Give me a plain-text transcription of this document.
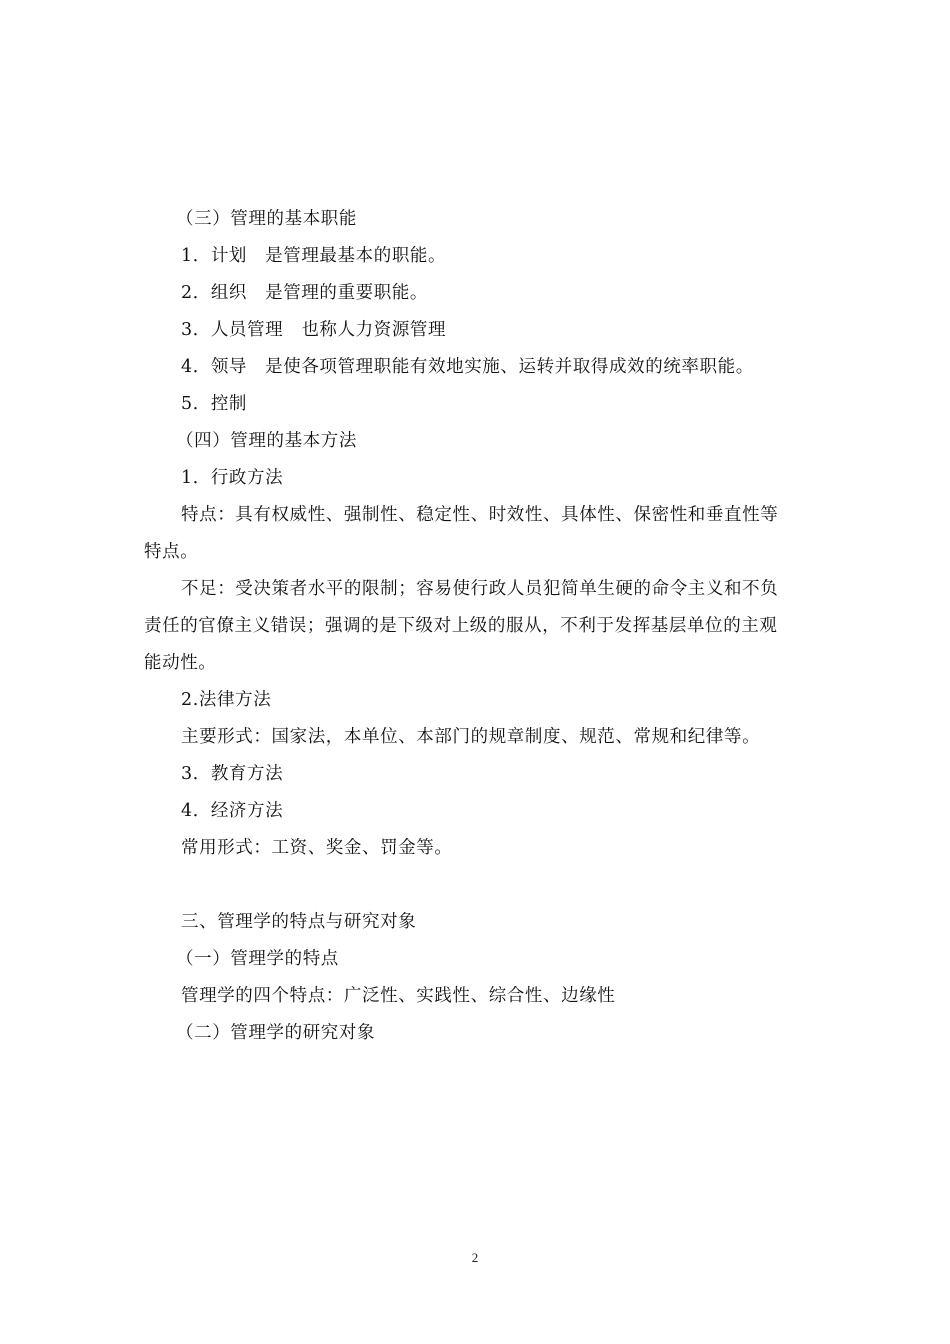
（三）管理的基本职能
1．计划　是管理最基本的职能。
2．组织　是管理的重要职能。
3．人员管理　也称人力资源管理
4．领导　是使各项管理职能有效地实施、运转并取得成效的统率职能。
5．控制
（四）管理的基本方法
1．行政方法
特点：具有权威性、强制性、稳定性、时效性、具体性、保密性和垂直性等
特点。
不足：受决策者水平的限制；容易使行政人员犯简单生硬的命令主义和不负
责任的官僚主义错误；强调的是下级对上级的服从，不利于发挥基层单位的主观
能动性。
2.法律方法
主要形式：国家法，本单位、本部门的规章制度、规范、常规和纪律等。
3．教育方法
4．经济方法
常用形式：工资、奖金、罚金等。
三、管理学的特点与研究对象
（一）管理学的特点
管理学的四个特点：广泛性、实践性、综合性、边缘性
（二）管理学的研究对象
2
